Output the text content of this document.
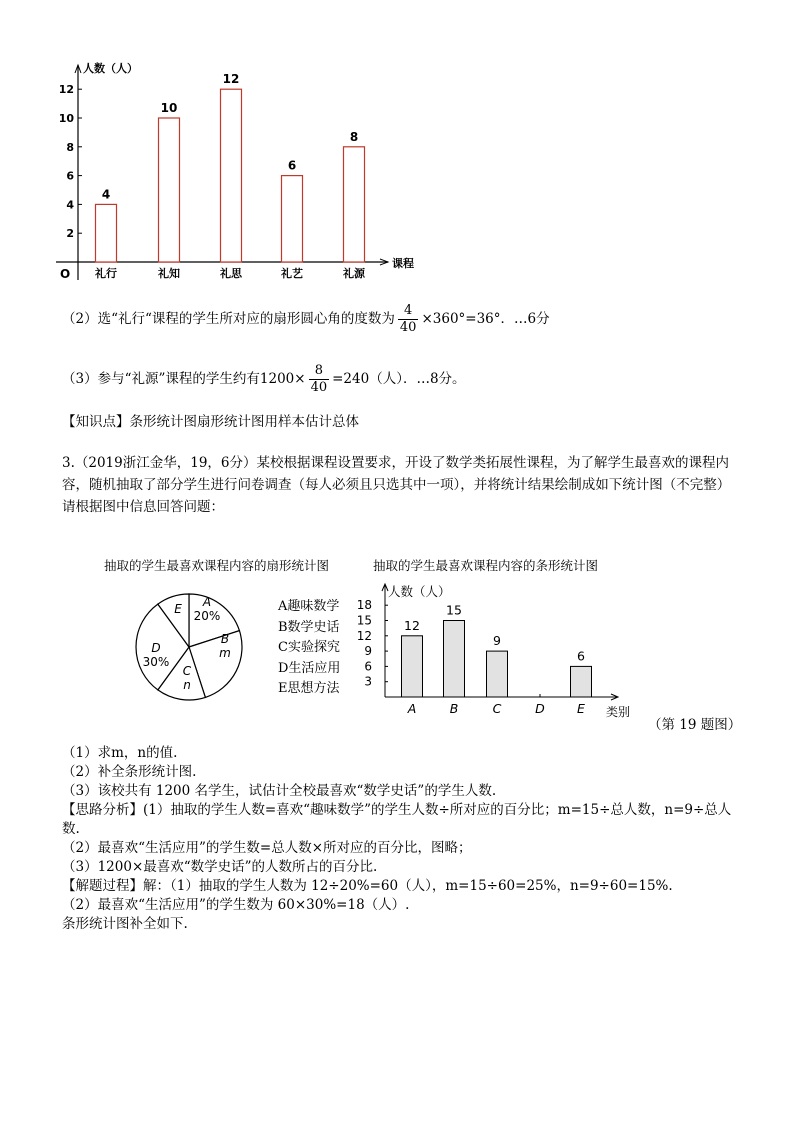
人数（人）
课程
O
2
4
6
8
10
12
4
礼行
10
礼知
12
礼思
6
礼艺
8
礼源
（2）选“礼行“课程的学生所对应的扇形圆心角的度数为 $\frac{4}{40} \times 360^\circ=36^\circ$．…6分
（3）参与“礼源”课程的学生约有$1200\times \frac{8}{40} =240$（人）．…8分。
【知识点】条形统计图扇形统计图用样本估计总体
3.（2019浙江金华，19，6分）某校根据课程设置要求，开设了数学类拓展性课程，为了解学生最喜欢的课程内容，随机抽取了部分学生进行问卷调查（每人必须且只选其中一项），并将统计结果绘制成如下统计图（不完整）请根据图中信息回答问题：
抽取的学生最喜欢课程内容的扇形统计图
A
20%
B
m
C
n
D
30%
E	A趣味数学
B数学史话
C实验探究
D生活应用
E思想方法
抽取的学生最喜欢课程内容的条形统计图
人数（人）
类别
3
6
9
12
15
18
A
12
B
15
C
9
D	E
6
（第 19 题图）
（1）求m，n的值.
（2）补全条形统计图.
（3）该校共有 1200 名学生，试估计全校最喜欢“数学史话”的学生人数.
【思路分析】(1）抽取的学生人数=喜欢“趣味数学”的学生人数÷所对应的百分比；m=15÷总人数，n=9÷总人数.
（2）最喜欢“生活应用”的学生数=总人数×所对应的百分比，图略；
（3）1200×最喜欢“数学史话”的人数所占的百分比.
【解题过程】解：（1）抽取的学生人数为 12÷20%=60（人），m=15÷60=25%，n=9÷60=15%.
（2）最喜欢“生活应用”的学生数为 60×30%=18（人）.
条形统计图补全如下.
